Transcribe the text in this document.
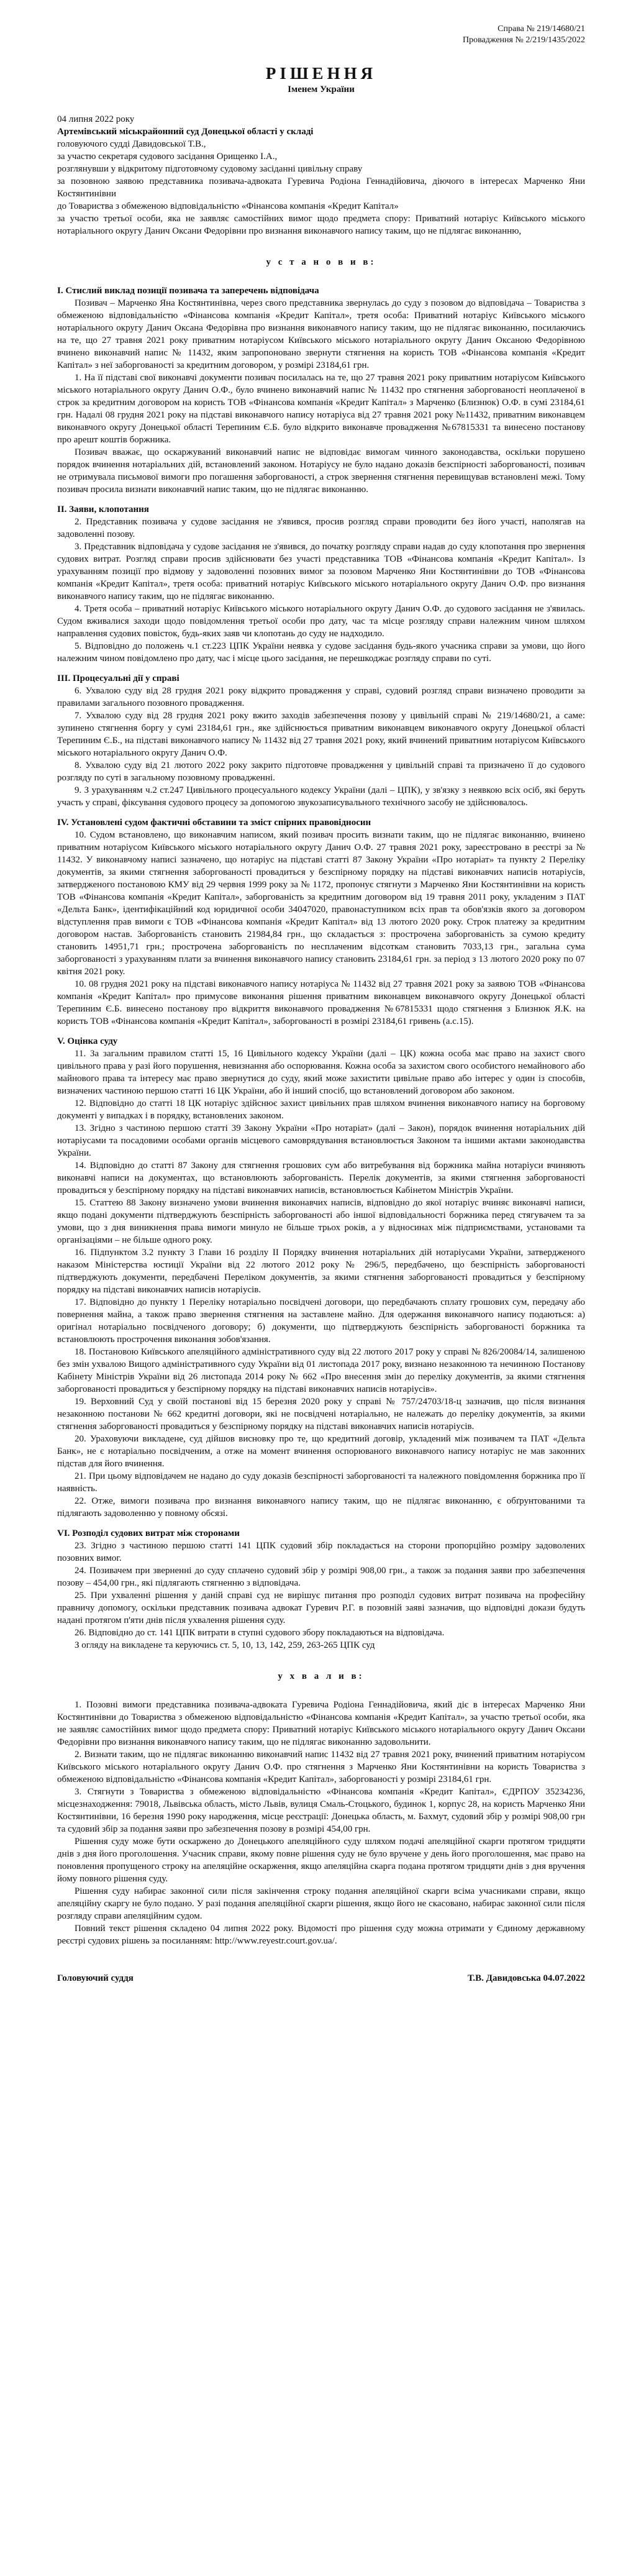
Справа № 219/14680/21
Провадження № 2/219/1435/2022
РІШЕННЯ
Іменем України

04 липня 2022 року

Артемівський міськрайонний суд Донецької області у складі

головуючого судді Давидовської Т.В.,

за участю секретаря судового засідання Орищенко І.А.,

розглянувши у відкритому підготовчому судовому засіданні цивільну справу

за позовною заявою представника позивача-адвоката Гуревича Родіона Геннадійовича, діючого в інтересах Марченко Яни Костянтинівни

до Товариства з обмеженою відповідальністю «Фінансова компанія «Кредит Капітал»

за участю третьої особи, яка не заявляє самостійних вимог щодо предмета спору: Приватний нотаріус Київського міського нотаріального округу Данич Оксани Федорівни про визнання виконавчого напису таким, що не підлягає виконанню,

у с т а н о в и в:

І. Стислий виклад позиції позивача та заперечень відповідача

Позивач – Марченко Яна Костянтинівна, через свого представника звернулась до суду з позовом до відповідача – Товариства з обмеженою відповідальністю «Фінансова компанія «Кредит Капітал», третя особа: Приватний нотаріус Київського міського нотаріального округу Данич Оксана Федорівна про визнання виконавчого напису таким, що не підлягає виконанню, посилаючись на те, що 27 травня 2021 року приватним нотаріусом Київського міського нотаріального округу Данич Оксаною Федорівною вчинено виконавчий напис № 11432, яким запропоновано звернути стягнення на користь ТОВ «Фінансова компанія «Кредит Капітал» з неї заборгованості за кредитним договором, у розмірі 23184,61 грн.

1. На її підставі свої виконавчі документи позивач посилалась на те, що 27 травня 2021 року приватним нотаріусом Київського міського нотаріального округу Данич О.Ф., було вчинено виконавчий напис № 11432 про стягнення заборгованості неоплаченої в строк за кредитним договором на користь ТОВ «Фінансова компанія «Кредит Капітал» з Марченко (Близнюк) О.Ф. в сумі 23184,61 грн. Надалі 08 грудня 2021 року на підставі виконавчого напису нотаріуса від 27 травня 2021 року №11432, приватним виконавцем виконавчого округу Донецької області Терепиним Є.Б. було відкрито виконавче провадження №67815331 та винесено постанову про арешт коштів боржника.

Позивач вважає, що оскаржуваний виконавчий напис не відповідає вимогам чинного законодавства, оскільки порушено порядок вчинення нотаріальних дій, встановлений законом. Нотаріусу не було надано доказів безспірності заборгованості, позивач не отримувала письмової вимоги про погашення заборгованості, а строк звернення стягнення перевищував встановлені межі. Тому позивач просила визнати виконавчий напис таким, що не підлягає виконанню.

ІІ. Заяви, клопотання

2. Представник позивача у судове засідання не з'явився, просив розгляд справи проводити без його участі, наполягав на задоволенні позову.

3. Представник відповідача у судове засідання не з'явився, до початку розгляду справи надав до суду клопотання про звернення судових витрат. Розгляд справи просив здійснювати без участі представника ТОВ «Фінансова компанія «Кредит Капітал». Із урахуванням позиції про відмову у задоволенні позовних вимог за позовом Марченко Яни Костянтинівни до ТОВ «Фінансова компанія «Кредит Капітал», третя особа: приватний нотаріус Київського міського нотаріального округу Данич О.Ф. про визнання виконавчого напису таким, що не підлягає виконанню.

4. Третя особа – приватний нотаріус Київського міського нотаріального округу Данич О.Ф. до судового засідання не з'явилась. Судом вживалися заходи щодо повідомлення третьої особи про дату, час та місце розгляду справи належним чином шляхом направлення судових повісток, будь-яких заяв чи клопотань до суду не надходило.

5. Відповідно до положень ч.1 ст.223 ЦПК України неявка у судове засідання будь-якого учасника справи за умови, що його належним чином повідомлено про дату, час і місце цього засідання, не перешкоджає розгляду справи по суті.

ІІІ. Процесуальні дії у справі

6. Ухвалою суду від 28 грудня 2021 року відкрито провадження у справі, судовий розгляд справи визначено проводити за правилами загального позовного провадження.

7. Ухвалою суду від 28 грудня 2021 року вжито заходів забезпечення позову у цивільній справі № 219/14680/21, а саме: зупинено стягнення боргу у сумі 23184,61 грн., яке здійснюється приватним виконавцем виконавчого округу Донецької області Терепиним Є.Б., на підставі виконавчого напису № 11432 від 27 травня 2021 року, який вчинений приватним нотаріусом Київського міського нотаріального округу Данич О.Ф.

8. Ухвалою суду від 21 лютого 2022 року закрито підготовче провадження у цивільній справі та призначено її до судового розгляду по суті в загальному позовному провадженні.

9. З урахуванням ч.2 ст.247 Цивільного процесуального кодексу України (далі – ЦПК), у зв'язку з неявкою всіх осіб, які беруть участь у справі, фіксування судового процесу за допомогою звукозаписувального технічного засобу не здійснювалось.

IV. Установлені судом фактичні обставини та зміст спірних правовідносин

10. Судом встановлено, що виконавчим написом, який позивач просить визнати таким, що не підлягає виконанню, вчинено приватним нотаріусом Київського міського нотаріального округу Данич О.Ф. 27 травня 2021 року, зареєстровано в реєстрі за № 11432. У виконавчому написі зазначено, що нотаріус на підставі статті 87 Закону України «Про нотаріат» та пункту 2 Переліку документів, за якими стягнення заборгованості провадиться у безспірному порядку на підставі виконавчих написів нотаріусів, затвердженого постановою КМУ від 29 червня 1999 року за № 1172, пропонує стягнути з Марченко Яни Костянтинівни на користь ТОВ «Фінансова компанія «Кредит Капітал», заборгованість за кредитним договором від 19 травня 2011 року, укладеним з ПАТ «Дельта Банк», ідентифікаційний код юридичної особи 34047020, правонаступником всіх прав та обов'язків якого за договором відступлення прав вимоги є ТОВ «Фінансова компанія «Кредит Капітал» від 13 лютого 2020 року. Строк платежу за кредитним договором настав. Заборгованість становить 21984,84 грн., що складається з: прострочена заборгованість за сумою кредиту становить 14951,71 грн.; прострочена заборгованість по несплаченим відсоткам становить 7033,13 грн., загальна сума заборгованості з урахуванням плати за вчинення виконавчого напису становить 23184,61 грн. за період з 13 лютого 2020 року по 07 квітня 2021 року.

10. 08 грудня 2021 року на підставі виконавчого напису нотаріуса № 11432 від 27 травня 2021 року за заявою ТОВ «Фінансова компанія «Кредит Капітал» про примусове виконання рішення приватним виконавцем виконавчого округу Донецької області Терепиним Є.Б. винесено постанову про відкриття виконавчого провадження №67815331 щодо стягнення з Близнюк Я.К. на користь ТОВ «Фінансова компанія «Кредит Капітал», заборгованості в розмірі 23184,61 гривень (а.с.15).

V. Оцінка суду

11. За загальним правилом статті 15, 16 Цивільного кодексу України (далі – ЦК) кожна особа має право на захист свого цивільного права у разі його порушення, невизнання або оспорювання. Кожна особа за захистом свого особистого немайнового або майнового права та інтересу має право звернутися до суду, який може захистити цивільне право або інтерес у один із способів, визначених частиною першою статті 16 ЦК України, або й інший спосіб, що встановлений договором або законом.

12. Відповідно до статті 18 ЦК нотаріус здійснює захист цивільних прав шляхом вчинення виконавчого напису на борговому документі у випадках і в порядку, встановлених законом.

13. Згідно з частиною першою статті 39 Закону України «Про нотаріат» (далі – Закон), порядок вчинення нотаріальних дій нотаріусами та посадовими особами органів місцевого самоврядування встановлюється Законом та іншими актами законодавства України.

14. Відповідно до статті 87 Закону для стягнення грошових сум або витребування від боржника майна нотаріуси вчиняють виконавчі написи на документах, що встановлюють заборгованість. Перелік документів, за якими стягнення заборгованості провадиться у безспірному порядку на підставі виконавчих написів, встановлюється Кабінетом Міністрів України.

15. Статтею 88 Закону визначено умови вчинення виконавчих написів, відповідно до якої нотаріус вчиняє виконавчі написи, якщо подані документи підтверджують безспірність заборгованості або іншої відповідальності боржника перед стягувачем та за умови, що з дня виникнення права вимоги минуло не більше трьох років, а у відносинах між підприємствами, установами та організаціями – не більше одного року.

16. Підпунктом 3.2 пункту 3 Глави 16 розділу II Порядку вчинення нотаріальних дій нотаріусами України, затвердженого наказом Міністерства юстиції України від 22 лютого 2012 року № 296/5, передбачено, що безспірність заборгованості підтверджують документи, передбачені Переліком документів, за якими стягнення заборгованості провадиться у безспірному порядку на підставі виконавчих написів нотаріусів.

17. Відповідно до пункту 1 Переліку нотаріально посвідчені договори, що передбачають сплату грошових сум, передачу або повернення майна, а також право звернення стягнення на заставлене майно. Для одержання виконавчого напису подаються: а) оригінал нотаріально посвідченого договору; б) документи, що підтверджують безспірність заборгованості боржника та встановлюють прострочення виконання зобов'язання.

18. Постановою Київського апеляційного адміністративного суду від 22 лютого 2017 року у справі № 826/20084/14, залишеною без змін ухвалою Вищого адміністративного суду України від 01 листопада 2017 року, визнано незаконною та нечинною Постанову Кабінету Міністрів України від 26 листопада 2014 року № 662 «Про внесення змін до переліку документів, за якими стягнення заборгованості провадиться у безспірному порядку на підставі виконавчих написів нотаріусів».

19. Верховний Суд у своїй постанові від 15 березня 2020 року у справі № 757/24703/18-ц зазначив, що після визнання незаконною постанови № 662 кредитні договори, які не посвідчені нотаріально, не належать до переліку документів, за якими стягнення заборгованості провадиться у безспірному порядку на підставі виконавчих написів нотаріусів.

20. Ураховуючи викладене, суд дійшов висновку про те, що кредитний договір, укладений між позивачем та ПАТ «Дельта Банк», не є нотаріально посвідченим, а отже на момент вчинення оспорюваного виконавчого напису нотаріус не мав законних підстав для його вчинення.

21. При цьому відповідачем не надано до суду доказів безспірності заборгованості та належного повідомлення боржника про її наявність.

22. Отже, вимоги позивача про визнання виконавчого напису таким, що не підлягає виконанню, є обґрунтованими та підлягають задоволенню у повному обсязі.

VI. Розподіл судових витрат між сторонами

23. Згідно з частиною першою статті 141 ЦПК судовий збір покладається на сторони пропорційно розміру задоволених позовних вимог.

24. Позивачем при зверненні до суду сплачено судовий збір у розмірі 908,00 грн., а також за подання заяви про забезпечення позову – 454,00 грн., які підлягають стягненню з відповідача.

25. При ухваленні рішення у даній справі суд не вирішує питання про розподіл судових витрат позивача на професійну правничу допомогу, оскільки представник позивача адвокат Гуревич Р.Г. в позовній заяві зазначив, що відповідні докази будуть надані протягом п'яти днів після ухвалення рішення суду.

26. Відповідно до ст. 141 ЦПК витрати в ступні судового збору покладаються на відповідача.

З огляду на викладене та керуючись ст. 5, 10, 13, 142, 259, 263-265 ЦПК суд

у х в а л и в:

1. Позовні вимоги представника позивача-адвоката Гуревича Родіона Геннадійовича, який діє в інтересах Марченко Яни Костянтинівни до Товариства з обмеженою відповідальністю «Фінансова компанія «Кредит Капітал», за участю третьої особи, яка не заявляє самостійних вимог щодо предмета спору: Приватний нотаріус Київського міського нотаріального округу Данич Оксани Федорівни про визнання виконавчого напису таким, що не підлягає виконанню задовольнити.

2. Визнати таким, що не підлягає виконанню виконавчий напис 11432 від 27 травня 2021 року, вчинений приватним нотаріусом Київського міського нотаріального округу Данич О.Ф. про стягнення з Марченко Яни Костянтинівни на користь Товариства з обмеженою відповідальністю «Фінансова компанія «Кредит Капітал», заборгованості у розмірі 23184,61 грн.

3. Стягнути з Товариства з обмеженою відповідальністю «Фінансова компанія «Кредит Капітал», ЄДРПОУ 35234236, місцезнаходження: 79018, Львівська область, місто Львів, вулиця Смаль-Стоцького, будинок 1, корпус 28, на користь Марченко Яни Костянтинівни, 16 березня 1990 року народження, місце реєстрації: Донецька область, м. Бахмут, судовий збір у розмірі 908,00 грн та судовий збір за подання заяви про забезпечення позову в розмірі 454,00 грн.

Рішення суду може бути оскаржено до Донецького апеляційного суду шляхом подачі апеляційної скарги протягом тридцяти днів з дня його проголошення. Учасник справи, якому повне рішення суду не було вручене у день його проголошення, має право на поновлення пропущеного строку на апеляційне оскарження, якщо апеляційна скарга подана протягом тридцяти днів з дня вручення йому повного рішення суду.

Рішення суду набирає законної сили після закінчення строку подання апеляційної скарги всіма учасниками справи, якщо апеляційну скаргу не було подано. У разі подання апеляційної скарги рішення, якщо його не скасовано, набирає законної сили після розгляду справи апеляційним судом.

Повний текст рішення складено 04 липня 2022 року. Відомості про рішення суду можна отримати у Єдиному державному реєстрі судових рішень за посиланням: http://www.reyestr.court.gov.ua/.

Головуючий суддя	Т.В. Давидовська 04.07.2022
